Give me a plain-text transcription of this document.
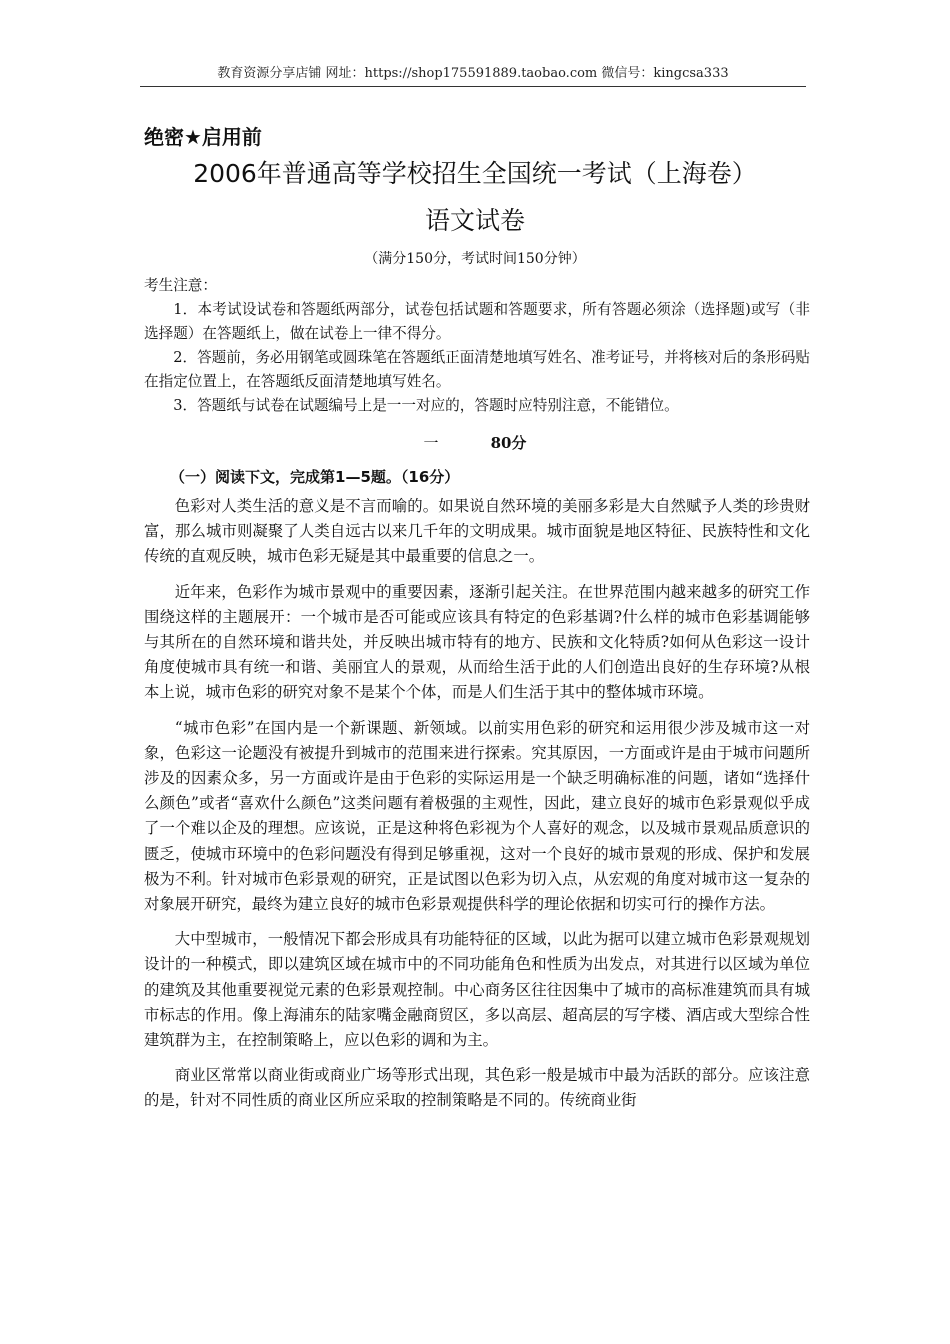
教育资源分享店铺 网址：https://shop175591889.taobao.com 微信号：kingcsa333
绝密★启用前
2006年普通高等学校招生全国统一考试（上海卷）
语文试卷
（满分150分，考试时间150分钟）

考生注意：

1．本考试设试卷和答题纸两部分，试卷包括试题和答题要求，所有答题必须涂（选择题)或写（非选择题）在答题纸上，做在试卷上一律不得分。

2．答题前，务必用钢笔或圆珠笔在答题纸正面清楚地填写姓名、准考证号，并将核对后的条形码贴在指定位置上，在答题纸反面清楚地填写姓名。

3．答题纸与试卷在试题编号上是一一对应的，答题时应特别注意，不能错位。

一	80分
（一）阅读下文，完成第1—5题。（16分）

色彩对人类生活的意义是不言而喻的。如果说自然环境的美丽多彩是大自然赋予人类的珍贵财富，那么城市则凝聚了人类自远古以来几千年的文明成果。城市面貌是地区特征、民族特性和文化传统的直观反映，城市色彩无疑是其中最重要的信息之一。

近年来，色彩作为城市景观中的重要因素，逐渐引起关注。在世界范围内越来越多的研究工作围绕这样的主题展开：一个城市是否可能或应该具有特定的色彩基调?什么样的城市色彩基调能够与其所在的自然环境和谐共处，并反映出城市特有的地方、民族和文化特质?如何从色彩这一设计角度使城市具有统一和谐、美丽宜人的景观，从而给生活于此的人们创造出良好的生存环境?从根本上说，城市色彩的研究对象不是某个个体，而是人们生活于其中的整体城市环境。

“城市色彩”在国内是一个新课题、新领域。以前实用色彩的研究和运用很少涉及城市这一对象，色彩这一论题没有被提升到城市的范围来进行探索。究其原因，一方面或许是由于城市问题所涉及的因素众多，另一方面或许是由于色彩的实际运用是一个缺乏明确标准的问题，诸如“选择什么颜色”或者“喜欢什么颜色”这类问题有着极强的主观性，因此，建立良好的城市色彩景观似乎成了一个难以企及的理想。应该说，正是这种将色彩视为个人喜好的观念，以及城市景观品质意识的匮乏，使城市环境中的色彩问题没有得到足够重视，这对一个良好的城市景观的形成、保护和发展极为不利。针对城市色彩景观的研究，正是试图以色彩为切入点，从宏观的角度对城市这一复杂的对象展开研究，最终为建立良好的城市色彩景观提供科学的理论依据和切实可行的操作方法。

大中型城市，一般情况下都会形成具有功能特征的区域，以此为据可以建立城市色彩景观规划设计的一种模式，即以建筑区域在城市中的不同功能角色和性质为出发点，对其进行以区域为单位的建筑及其他重要视觉元素的色彩景观控制。中心商务区往往因集中了城市的高标准建筑而具有城市标志的作用。像上海浦东的陆家嘴金融商贸区，多以高层、超高层的写字楼、酒店或大型综合性建筑群为主，在控制策略上，应以色彩的调和为主。

商业区常常以商业街或商业广场等形式出现，其色彩一般是城市中最为活跃的部分。应该注意的是，针对不同性质的商业区所应采取的控制策略是不同的。传统商业街
